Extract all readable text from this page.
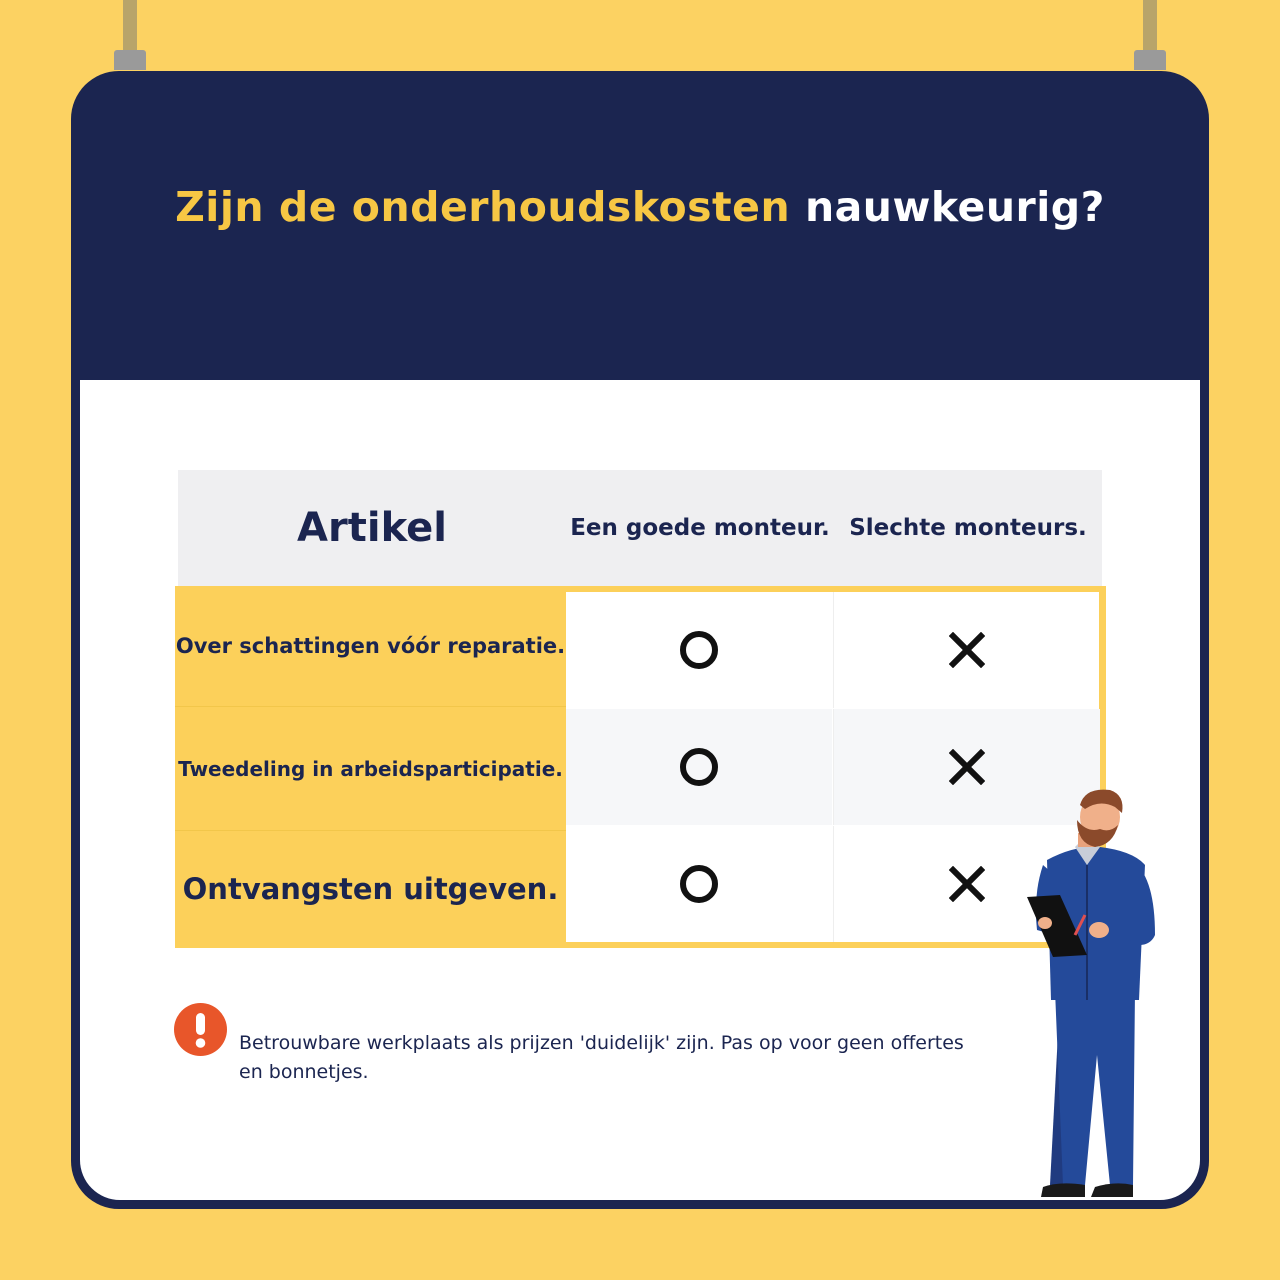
Zijn de onderhoudskosten nauwkeurig?
Artikel	Een goede monteur. Slechte monteurs.
Over schattingen vóór reparatie.
Tweedeling in arbeidsparticipatie.
Ontvangsten uitgeven.
Betrouwbare werkplaats als prijzen 'duidelijk' zijn. Pas op voor geen offertes en bonnetjes.
